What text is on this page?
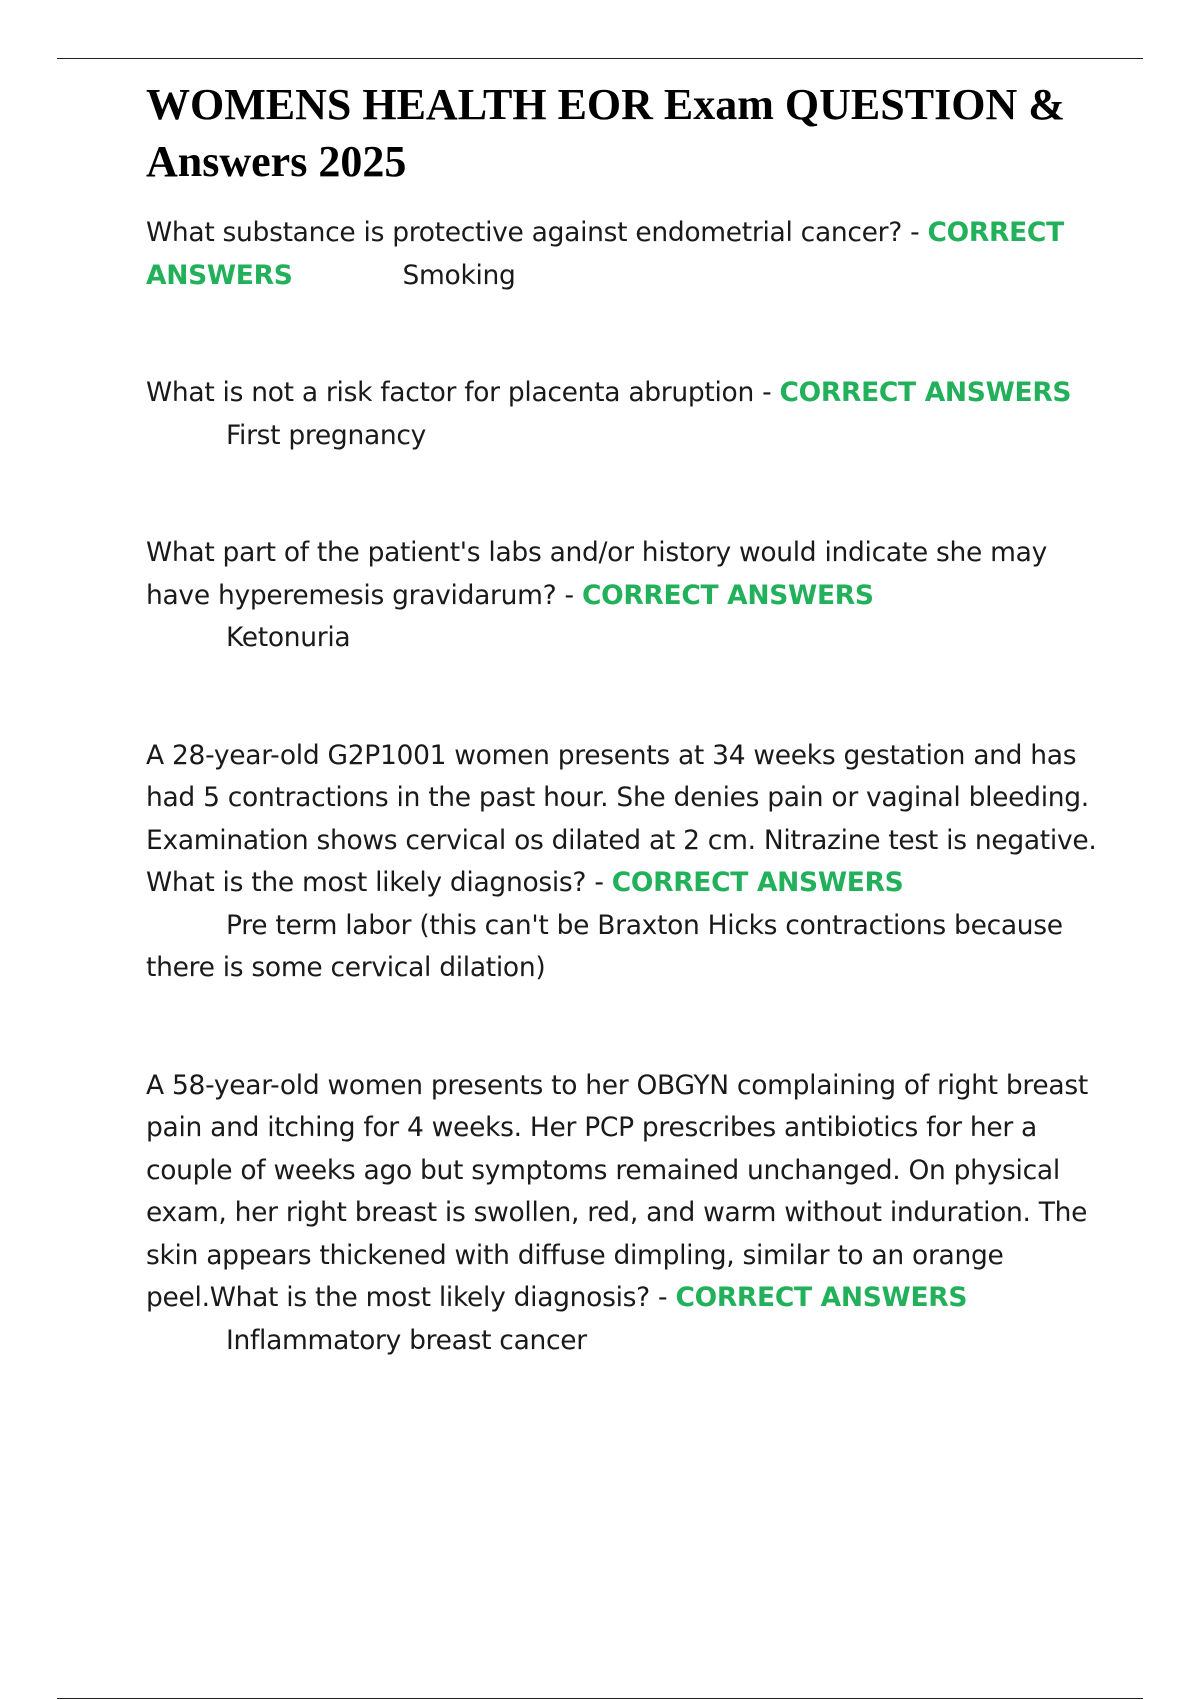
WOMENS HEALTH EOR Exam QUESTION & Answers 2025

What substance is protective against endometrial cancer? - CORRECT ANSWERS	Smoking

What is not a risk factor for placenta abruption - CORRECT ANSWERS
First pregnancy

What part of the patient's labs and/or history would indicate she may have hyperemesis gravidarum? - CORRECT ANSWERS
Ketonuria

A 28-year-old G2P1001 women presents at 34 weeks gestation and has had 5 contractions in the past hour. She denies pain or vaginal bleeding. Examination shows cervical os dilated at 2 cm. Nitrazine test is negative. What is the most likely diagnosis? - CORRECT ANSWERS
Pre term labor (this can't be Braxton Hicks contractions because there is some cervical dilation)

A 58-year-old women presents to her OBGYN complaining of right breast pain and itching for 4 weeks. Her PCP prescribes antibiotics for her a couple of weeks ago but symptoms remained unchanged. On physical exam, her right breast is swollen, red, and warm without induration. The skin appears thickened with diffuse dimpling, similar to an orange peel.What is the most likely diagnosis? - CORRECT ANSWERS
Inflammatory breast cancer
